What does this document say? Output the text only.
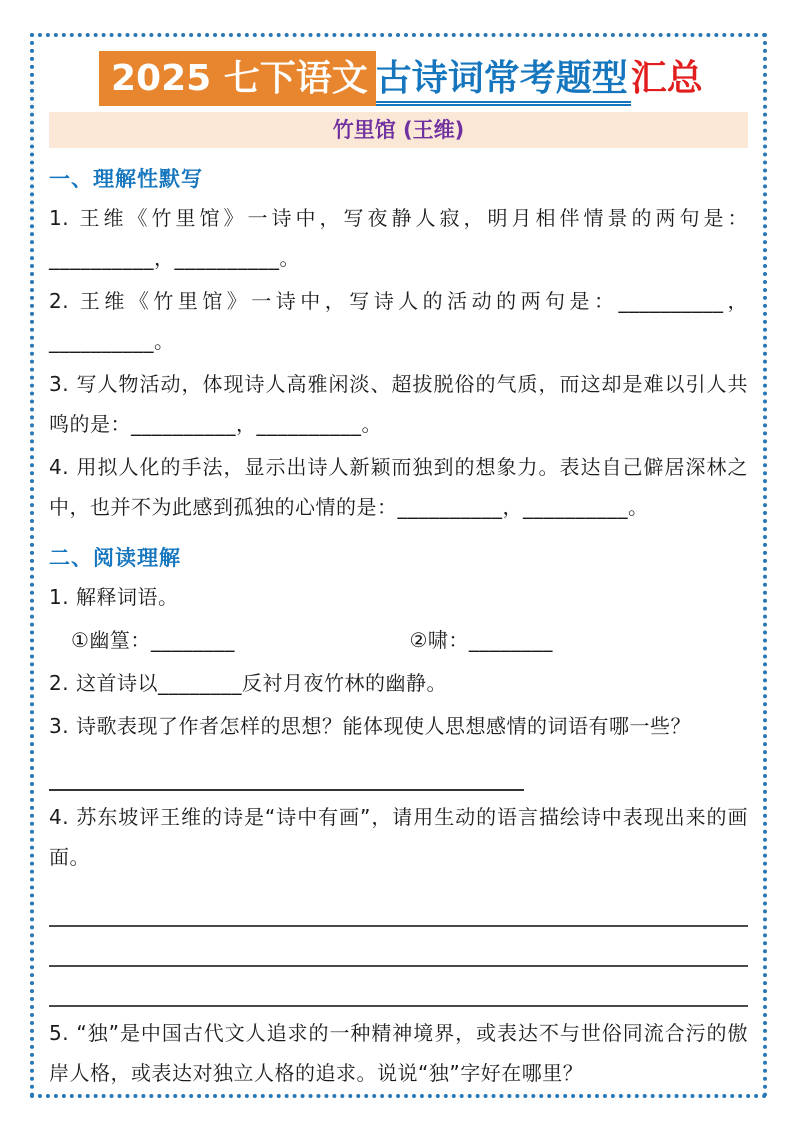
2025 七下语文 古诗词常考题型汇总
竹里馆 (王维)
一、理解性默写

1. 王维《竹里馆》一诗中，写夜静人寂，明月相伴情景的两句是：__________，__________。

2. 王维《竹里馆》一诗中，写诗人的活动的两句是：__________，__________。

3. 写人物活动，体现诗人高雅闲淡、超拔脱俗的气质，而这却是难以引人共鸣的是：__________，__________。

4. 用拟人化的手法，显示出诗人新颖而独到的想象力。表达自己僻居深林之中，也并不为此感到孤独的心情的是：__________，__________。

二、阅读理解

1. 解释词语。

①幽篁：________	②啸：________

2. 这首诗以________反衬月夜竹林的幽静。

3. 诗歌表现了作者怎样的思想？能体现使人思想感情的词语有哪一些？

4. 苏东坡评王维的诗是“诗中有画”，请用生动的语言描绘诗中表现出来的画面。

5. “独”是中国古代文人追求的一种精神境界，或表达不与世俗同流合污的傲岸人格，或表达对独立人格的追求。说说“独”字好在哪里？
